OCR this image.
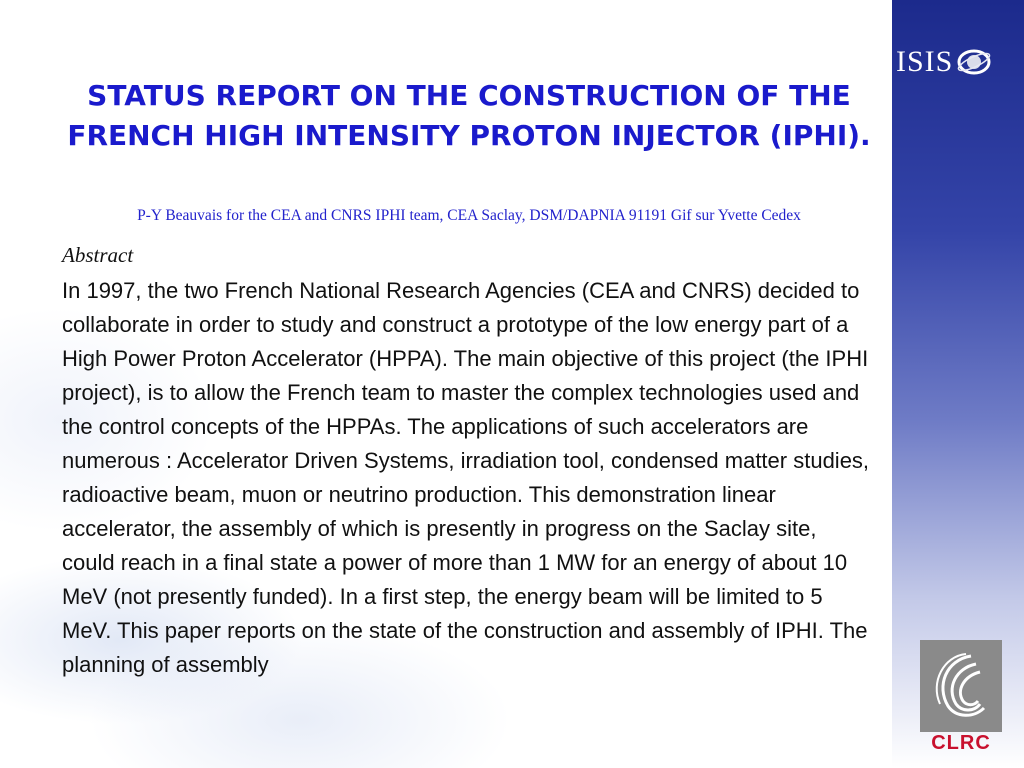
ISIS
CLRC
STATUS REPORT ON THE CONSTRUCTION OF THE FRENCH HIGH INTENSITY PROTON INJECTOR (IPHI).
P-Y Beauvais for the CEA and CNRS IPHI team, CEA Saclay, DSM/DAPNIA 91191 Gif sur Yvette Cedex
Abstract

In 1997, the two French National Research Agencies (CEA and CNRS) decided to collaborate in order to study and construct a prototype of the low energy part of a High Power Proton Accelerator (HPPA). The main objective of this project (the IPHI project), is to allow the French team to master the complex technologies used and the control concepts of the HPPAs. The applications of such accelerators are numerous : Accelerator Driven Systems, irradiation tool, condensed matter studies, radioactive beam, muon or neutrino production. This demonstration linear accelerator, the assembly of which is presently in progress on the Saclay site, could reach in a final state a power of more than 1 MW for an energy of about 10 MeV (not presently funded). In a first step, the energy beam will be limited to 5 MeV. This paper reports on the state of the construction and assembly of IPHI. The planning of assembly
